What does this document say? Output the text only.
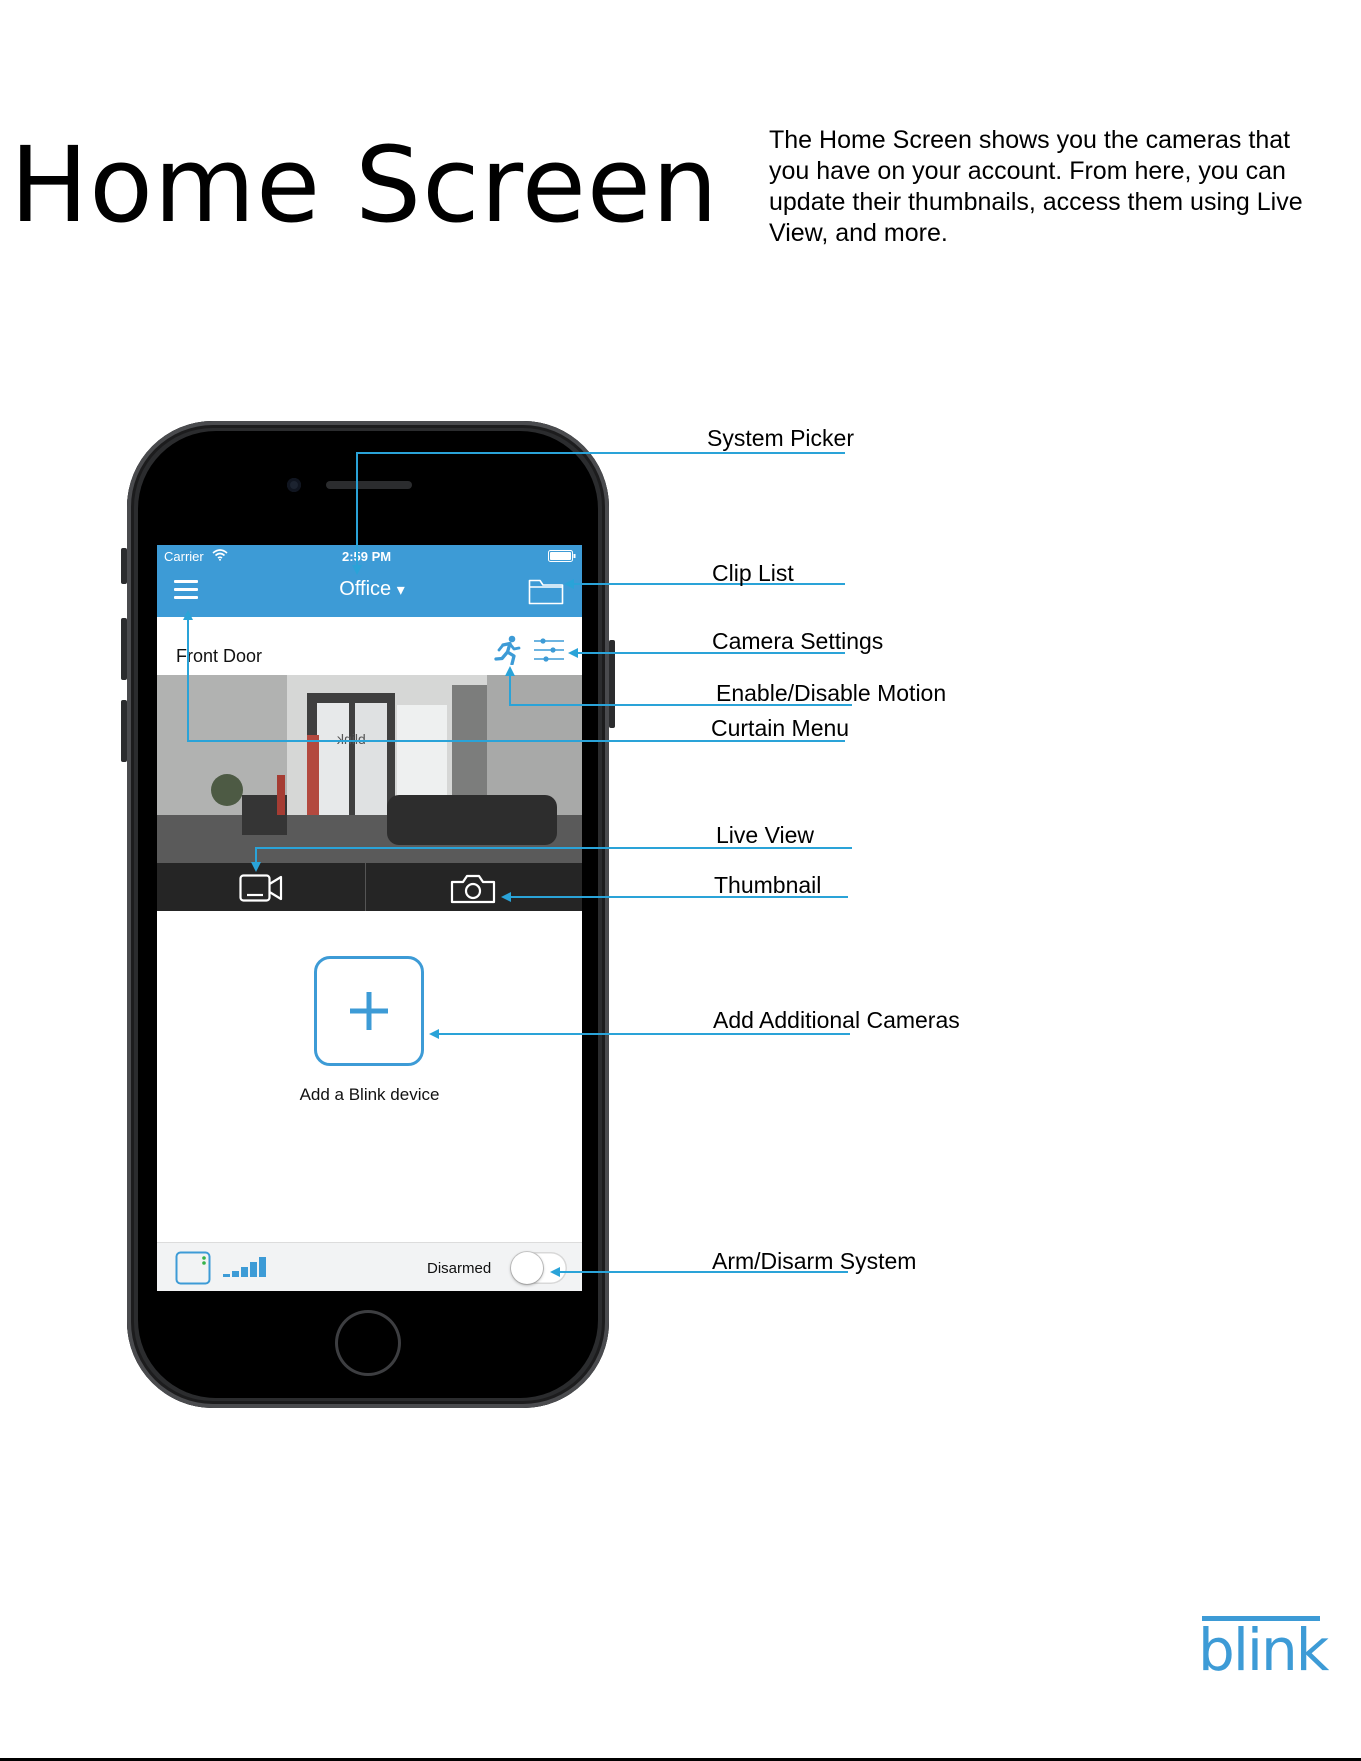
Home Screen The Home Screen shows you the cameras that you have on your account. From here, you can update their thumbnails, access them using Live View, and more.

Carrier	2:59 PM
Office ▾
Front Door
blink
Add a Blink device
Disarmed
System Picker
Clip List
Camera Settings
Enable/Disable Motion
Curtain Menu
Live View
Thumbnail
Add Additional Cameras
Arm/Disarm System
blink
